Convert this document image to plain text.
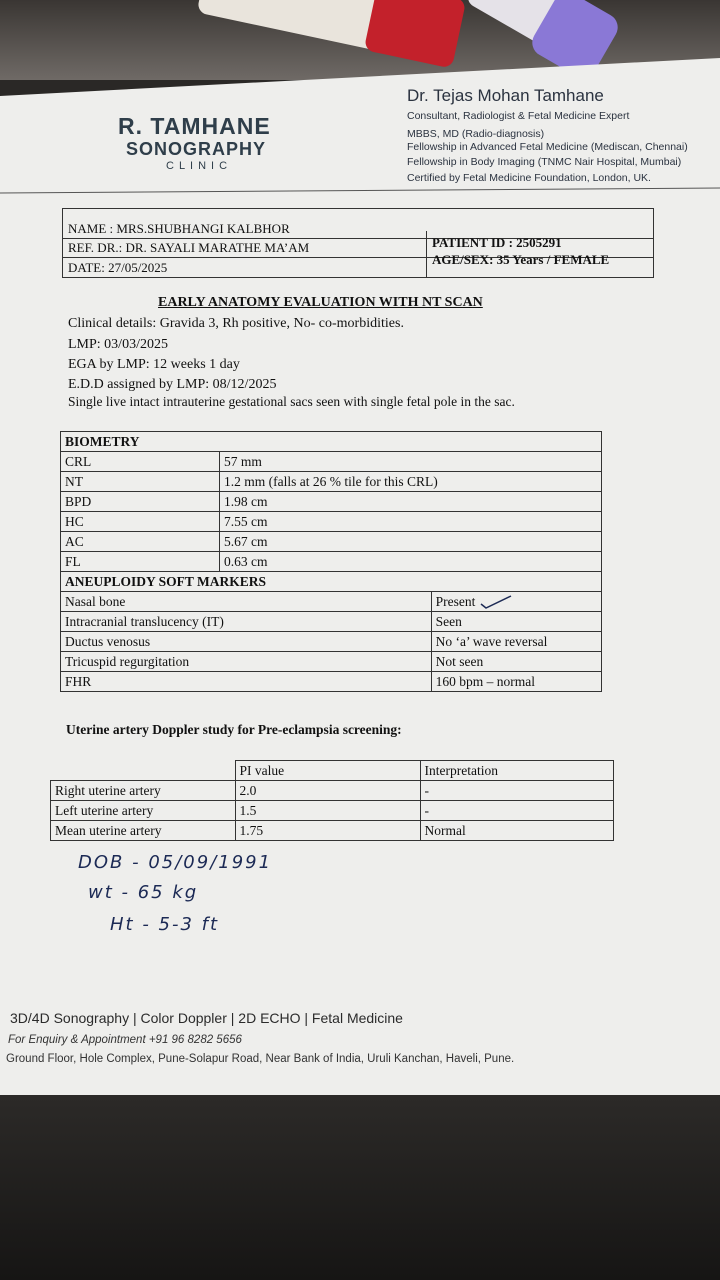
R. TAMHANE
SONOGRAPHY
CLINIC
Dr. Tejas Mohan Tamhane
Consultant, Radiologist & Fetal Medicine Expert
MBBS, MD (Radio-diagnosis)
Fellowship in Advanced Fetal Medicine (Mediscan, Chennai)
Fellowship in Body Imaging (TNMC Nair Hospital, Mumbai)
Certified by Fetal Medicine Foundation, London, UK.
NAME : MRS.SHUBHANGI KALBHOR
REF. DR.: DR. SAYALI MARATHE MA’AM
DATE: 27/05/2025
PATIENT ID : 2505291
AGE/SEX: 35 Years / FEMALE
EARLY ANATOMY EVALUATION WITH NT SCAN
Clinical details: Gravida 3, Rh positive, No- co-morbidities.
LMP: 03/03/2025
EGA by LMP: 12 weeks 1 day
E.D.D assigned by LMP: 08/12/2025
Single live intact intrauterine gestational sacs seen with single fetal pole in the sac.
BIOMETRY		
CRL	57 mm	
NT	1.2 mm (falls at 26 % tile for this CRL)	
BPD	1.98 cm	
HC	7.55 cm	
AC	5.67 cm	
FL	0.63 cm	
ANEUPLOIDY SOFT MARKERS		
Nasal bone		Present
Intracranial translucency (IT)		Seen
Ductus venosus		No ‘a’ wave reversal
Tricuspid regurgitation		Not seen
FHR		160 bpm – normal
Uterine artery Doppler study for Pre-eclampsia screening:
	PI value	Interpretation
Right uterine artery	2.0	-
Left uterine artery	1.5	-
Mean uterine artery	1.75	Normal
DOB - 05/09/1991
wt - 65 kg
Ht - 5-3 ft
3D/4D Sonography | Color Doppler | 2D ECHO | Fetal Medicine
For Enquiry & Appointment +91 96 8282 5656
Ground Floor, Hole Complex, Pune-Solapur Road, Near Bank of India, Uruli Kanchan, Haveli, Pune.
